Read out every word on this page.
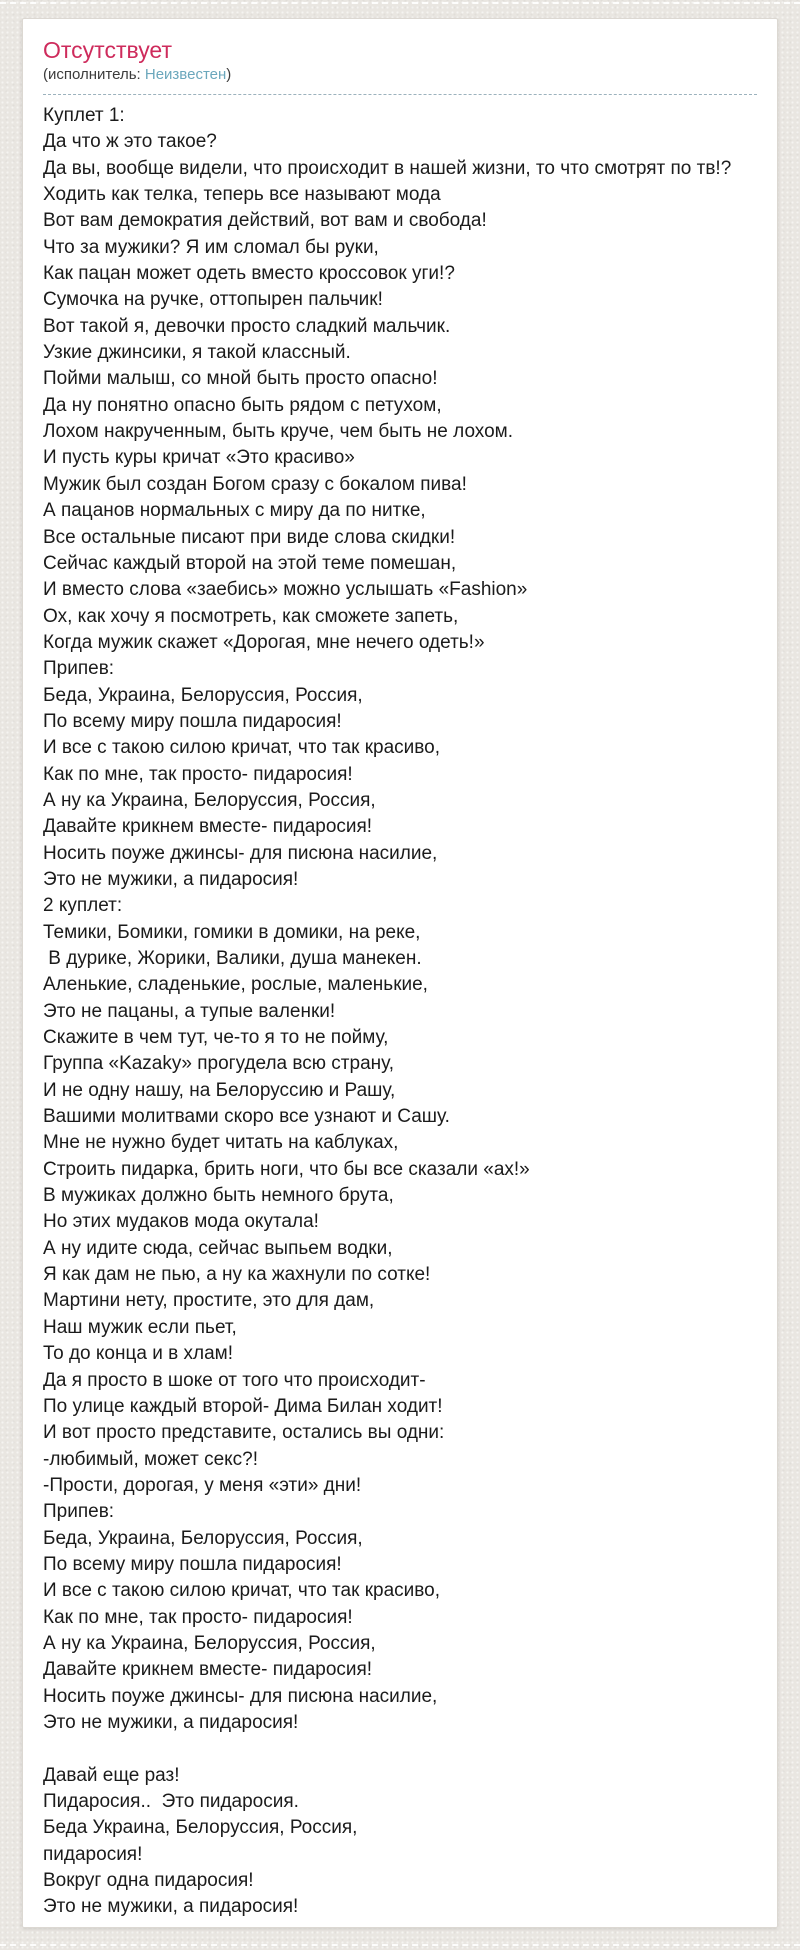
Отсутствует
(исполнитель: Неизвестен)
Куплет 1:
Да что ж это такое?
Да вы, вообще видели, что происходит в нашей жизни, то что смотрят по тв!?
Ходить как телка, теперь все называют мода
Вот вам демократия действий, вот вам и свобода!
Что за мужики? Я им сломал бы руки,
Как пацан может одеть вместо кроссовок уги!?
Сумочка на ручке, оттопырен пальчик!
Вот такой я, девочки просто сладкий мальчик.
Узкие джинсики, я такой классный.
Пойми малыш, со мной быть просто опасно!
Да ну понятно опасно быть рядом с петухом,
Лохом накрученным, быть круче, чем быть не лохом.
И пусть куры кричат «Это красиво»
Мужик был создан Богом сразу с бокалом пива!
А пацанов нормальных с миру да по нитке,
Все остальные писают при виде слова скидки!
Сейчас каждый второй на этой теме помешан,
И вместо слова «заебись» можно услышать «Fashion»
Ох, как хочу я посмотреть, как сможете запеть,
Когда мужик скажет «Дорогая, мне нечего одеть!»
Припев:
Беда, Украина, Белоруссия, Россия,
По всему миру пошла пидаросия!
И все с такою силою кричат, что так красиво,
Как по мне, так просто- пидаросия!
А ну ка Украина, Белоруссия, Россия,
Давайте крикнем вместе- пидаросия!
Носить поуже джинсы- для писюна насилие,
Это не мужики, а пидаросия!
2 куплет:
Темики, Бомики, гомики в домики, на реке,
В дурике, Жорики, Валики, душа манекен.
Аленькие, сладенькие, рослые, маленькие,
Это не пацаны, а тупые валенки!
Скажите в чем тут, че-то я то не пойму,
Группа «Kazaky» прогудела всю страну,
И не одну нашу, на Белоруссию и Рашу,
Вашими молитвами скоро все узнают и Сашу.
Мне не нужно будет читать на каблуках,
Строить пидарка, брить ноги, что бы все сказали «ах!»
В мужиках должно быть немного брута,
Но этих мудаков мода окутала!
А ну идите сюда, сейчас выпьем водки,
Я как дам не пью, а ну ка жахнули по сотке!
Мартини нету, простите, это для дам,
Наш мужик если пьет,
То до конца и в хлам!
Да я просто в шоке от того что происходит-
По улице каждый второй- Дима Билан ходит!
И вот просто представите, остались вы одни:
-любимый, может секс?!
-Прости, дорогая, у меня «эти» дни!
Припев:
Беда, Украина, Белоруссия, Россия,
По всему миру пошла пидаросия!
И все с такою силою кричат, что так красиво,
Как по мне, так просто- пидаросия!
А ну ка Украина, Белоруссия, Россия,
Давайте крикнем вместе- пидаросия!
Носить поуже джинсы- для писюна насилие,
Это не мужики, а пидаросия!
Давай еще раз!
Пидаросия..  Это пидаросия.
Беда Украина, Белоруссия, Россия,
пидаросия!
Вокруг одна пидаросия!
Это не мужики, а пидаросия!
